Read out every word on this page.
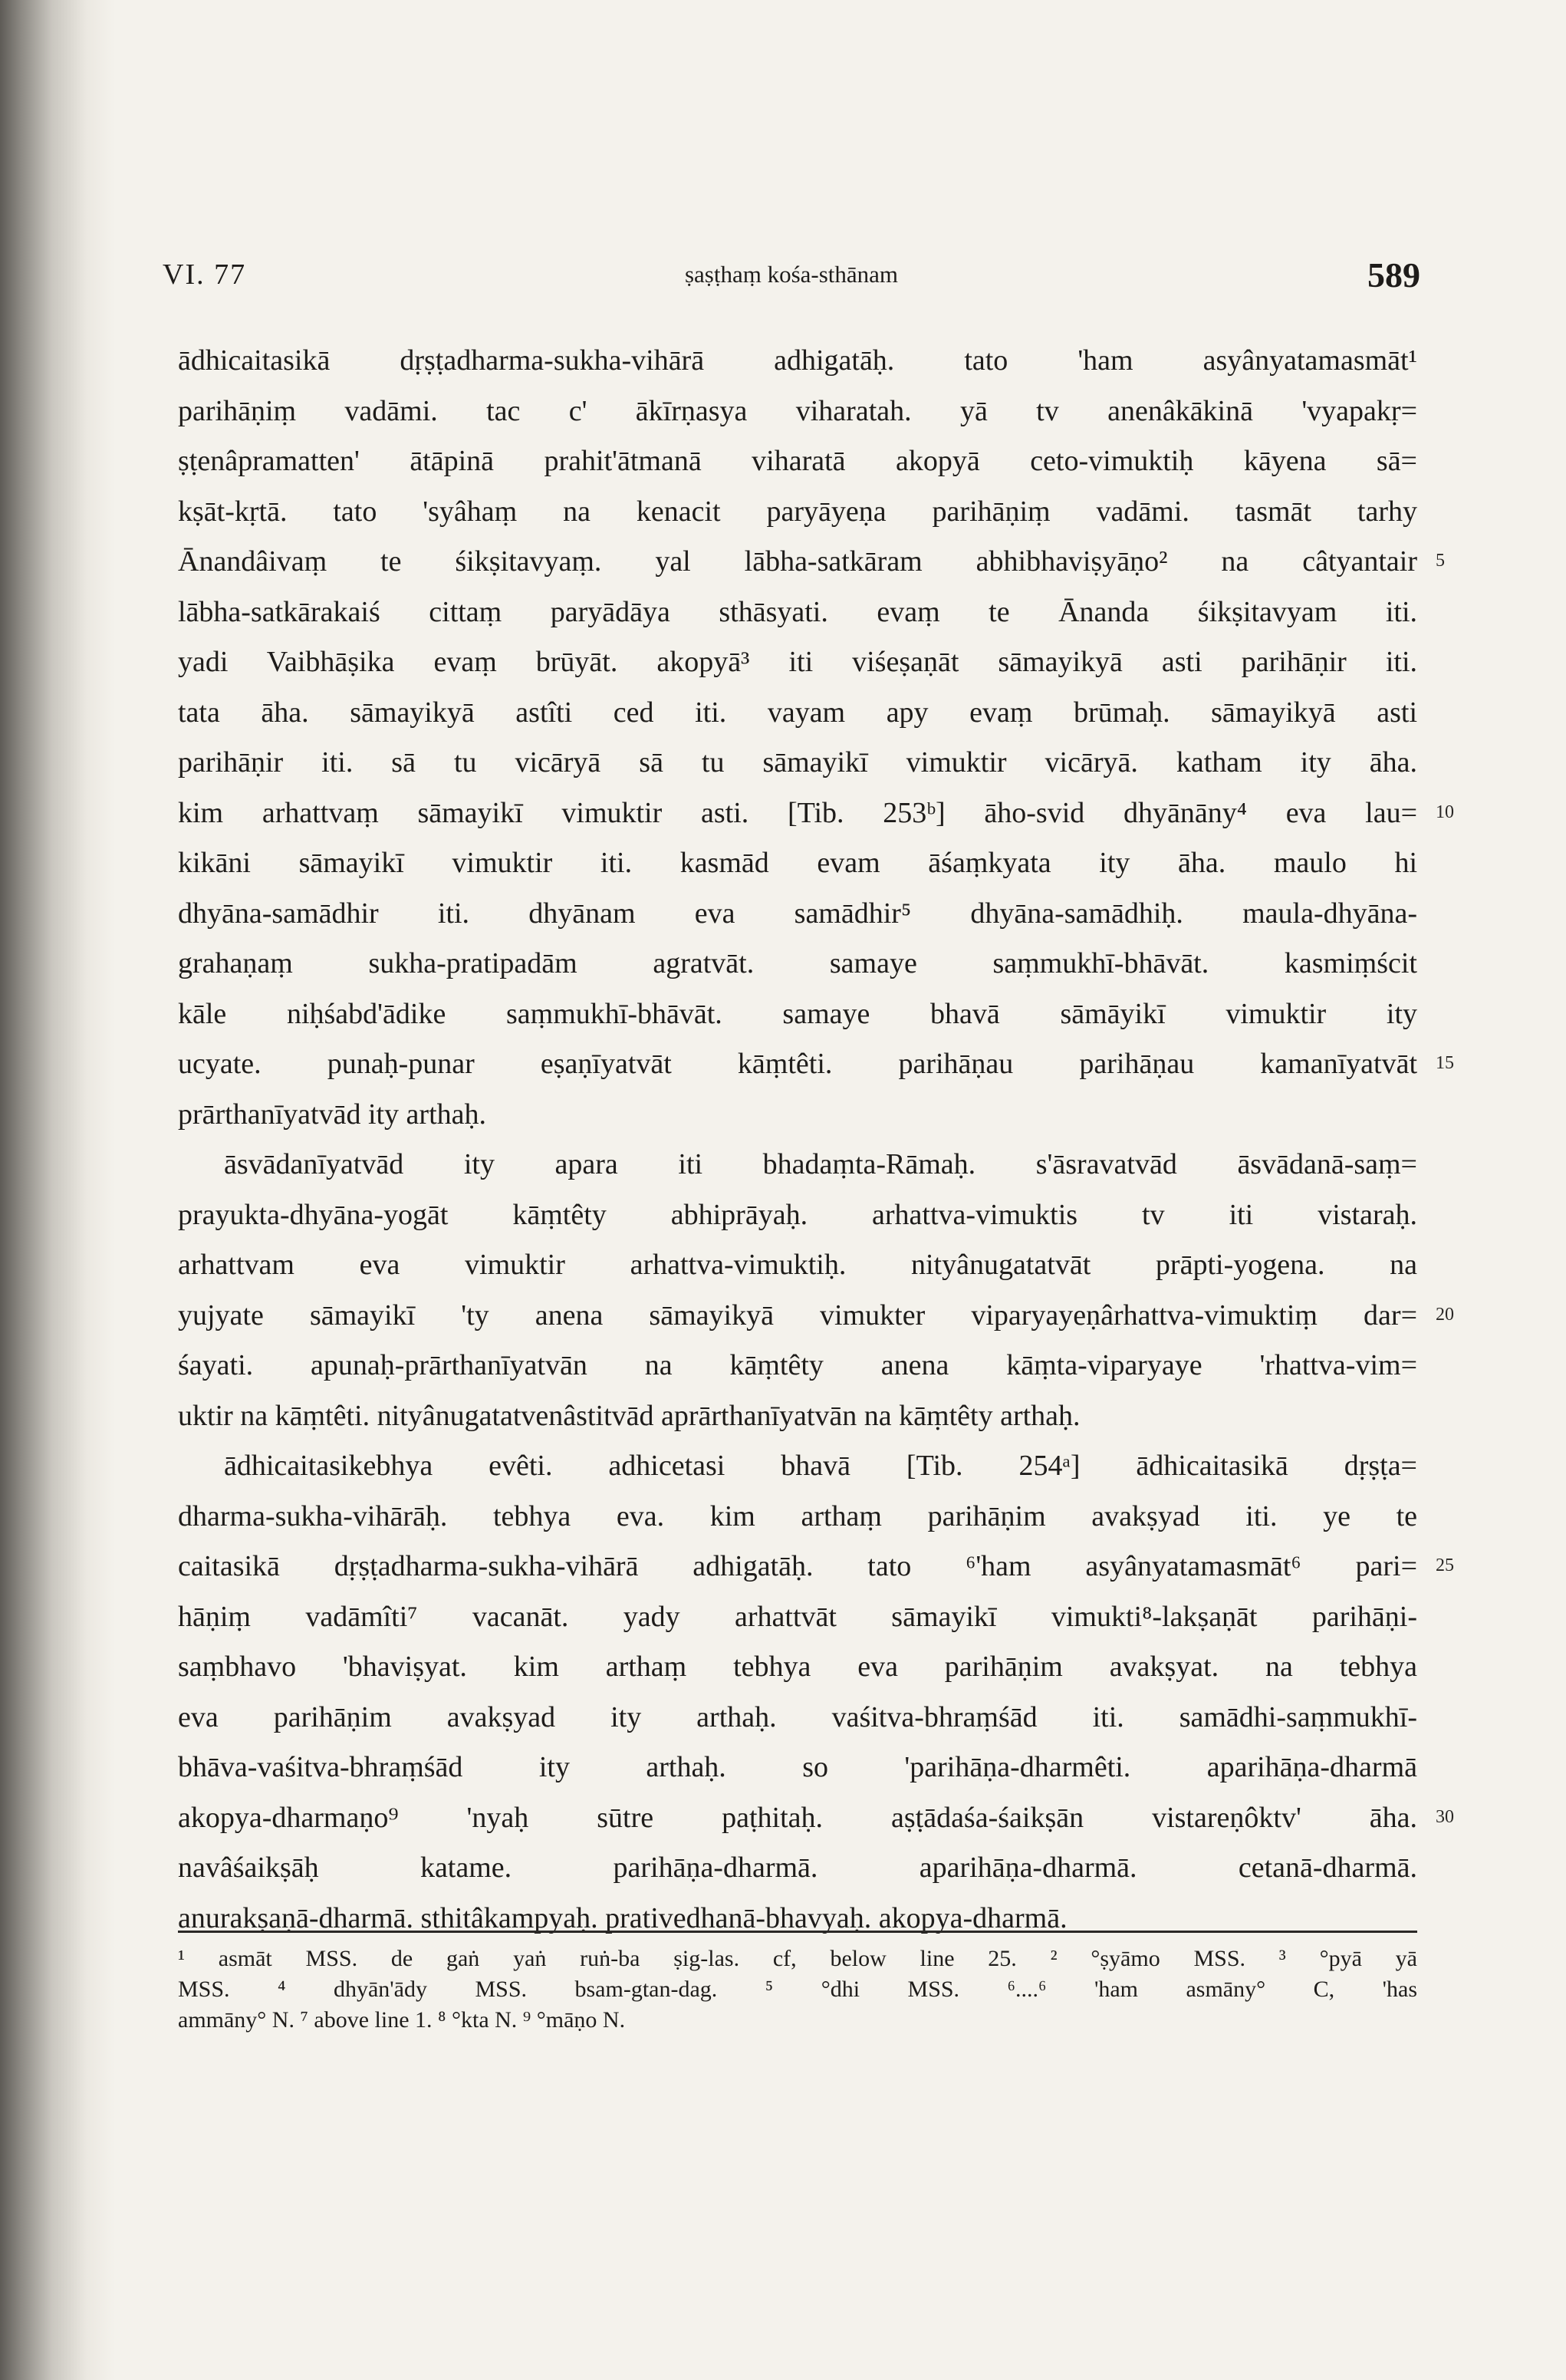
VI. 77	ṣaṣṭhaṃ kośa-sthānam	589
ādhicaitasikā dṛṣṭadharma-sukha-vihārā adhigatāḥ. tato 'ham asyânyatamasmāt¹
parihāṇiṃ vadāmi. tac c' ākīrṇasya viharatah. yā tv anenâkākinā 'vyapakṛ=
ṣṭenâpramatten' ātāpinā prahit'ātmanā viharatā akopyā ceto-vimuktiḥ kāyena sā=
kṣāt-kṛtā. tato 'syâhaṃ na kenacit paryāyeṇa parihāṇiṃ vadāmi. tasmāt tarhy
Ānandâivaṃ te śikṣitavyaṃ. yal lābha-satkāram abhibhaviṣyāṇo² na câtyantair
lābha-satkārakaiś cittaṃ paryādāya sthāsyati. evaṃ te Ānanda śikṣitavyam iti.
yadi Vaibhāṣika evaṃ brūyāt. akopyā³ iti viśeṣaṇāt sāmayikyā asti parihāṇir iti.
tata āha. sāmayikyā astîti ced iti. vayam apy evaṃ brūmaḥ. sāmayikyā asti
parihāṇir iti. sā tu vicāryā sā tu sāmayikī vimuktir vicāryā. katham ity āha.
kim arhattvaṃ sāmayikī vimuktir asti. [Tib. 253ᵇ] āho-svid dhyānāny⁴ eva lau=
kikāni sāmayikī vimuktir iti. kasmād evam āśaṃkyata ity āha. maulo hi
dhyāna-samādhir iti. dhyānam eva samādhir⁵ dhyāna-samādhiḥ. maula-dhyāna-
grahaṇaṃ sukha-pratipadām agratvāt. samaye saṃmukhī-bhāvāt. kasmiṃścit
kāle niḥśabd'ādike saṃmukhī-bhāvāt. samaye bhavā sāmāyikī vimuktir ity
ucyate. punaḥ-punar eṣaṇīyatvāt kāṃtêti. parihāṇau parihāṇau kamanīyatvāt
prārthanīyatvād ity arthaḥ.
āsvādanīyatvād ity apara iti bhadaṃta-Rāmaḥ. s'āsravatvād āsvādanā-saṃ=
prayukta-dhyāna-yogāt kāṃtêty abhiprāyaḥ. arhattva-vimuktis tv iti vistaraḥ.
arhattvam eva vimuktir arhattva-vimuktiḥ. nityânugatatvāt prāpti-yogena. na
yujyate sāmayikī 'ty anena sāmayikyā vimukter viparyayeṇârhattva-vimuktiṃ dar=
śayati. apunaḥ-prārthanīyatvān na kāṃtêty anena kāṃta-viparyaye 'rhattva-vim=
uktir na kāṃtêti. nityânugatatvenâstitvād aprārthanīyatvān na kāṃtêty arthaḥ.
ādhicaitasikebhya evêti. adhicetasi bhavā [Tib. 254ᵃ] ādhicaitasikā dṛṣṭa=
dharma-sukha-vihārāḥ. tebhya eva. kim arthaṃ parihāṇim avakṣyad iti. ye te
caitasikā dṛṣṭadharma-sukha-vihārā adhigatāḥ. tato ⁶'ham asyânyatamasmāt⁶ pari=
hāṇiṃ vadāmîti⁷ vacanāt. yady arhattvāt sāmayikī vimukti⁸-lakṣaṇāt parihāṇi-
saṃbhavo 'bhaviṣyat. kim arthaṃ tebhya eva parihāṇim avakṣyat. na tebhya
eva parihāṇim avakṣyad ity arthaḥ. vaśitva-bhraṃśād iti. samādhi-saṃmukhī-
bhāva-vaśitva-bhraṃśād ity arthaḥ. so 'parihāṇa-dharmêti. aparihāṇa-dharmā
akopya-dharmaṇo⁹ 'nyaḥ sūtre paṭhitaḥ. aṣṭādaśa-śaikṣān vistareṇôktv' āha.
navâśaikṣāḥ katame. parihāṇa-dharmā. aparihāṇa-dharmā. cetanā-dharmā.
anurakṣaṇā-dharmā. sthitâkampyaḥ. prativedhanā-bhavyaḥ. akopya-dharmā.
5
10
15
20
25
30
¹ asmāt MSS. de gaṅ yaṅ ruṅ-ba ṣig-las. cf, below line 25. ² °ṣyāmo MSS. ³ °pyā yā
MSS. ⁴ dhyān'ādy MSS. bsam-gtan-dag. ⁵ °dhi MSS. ⁶....⁶ 'ham asmāny° C, 'has
ammāny° N. ⁷ above line 1. ⁸ °kta N. ⁹ °māṇo N.
